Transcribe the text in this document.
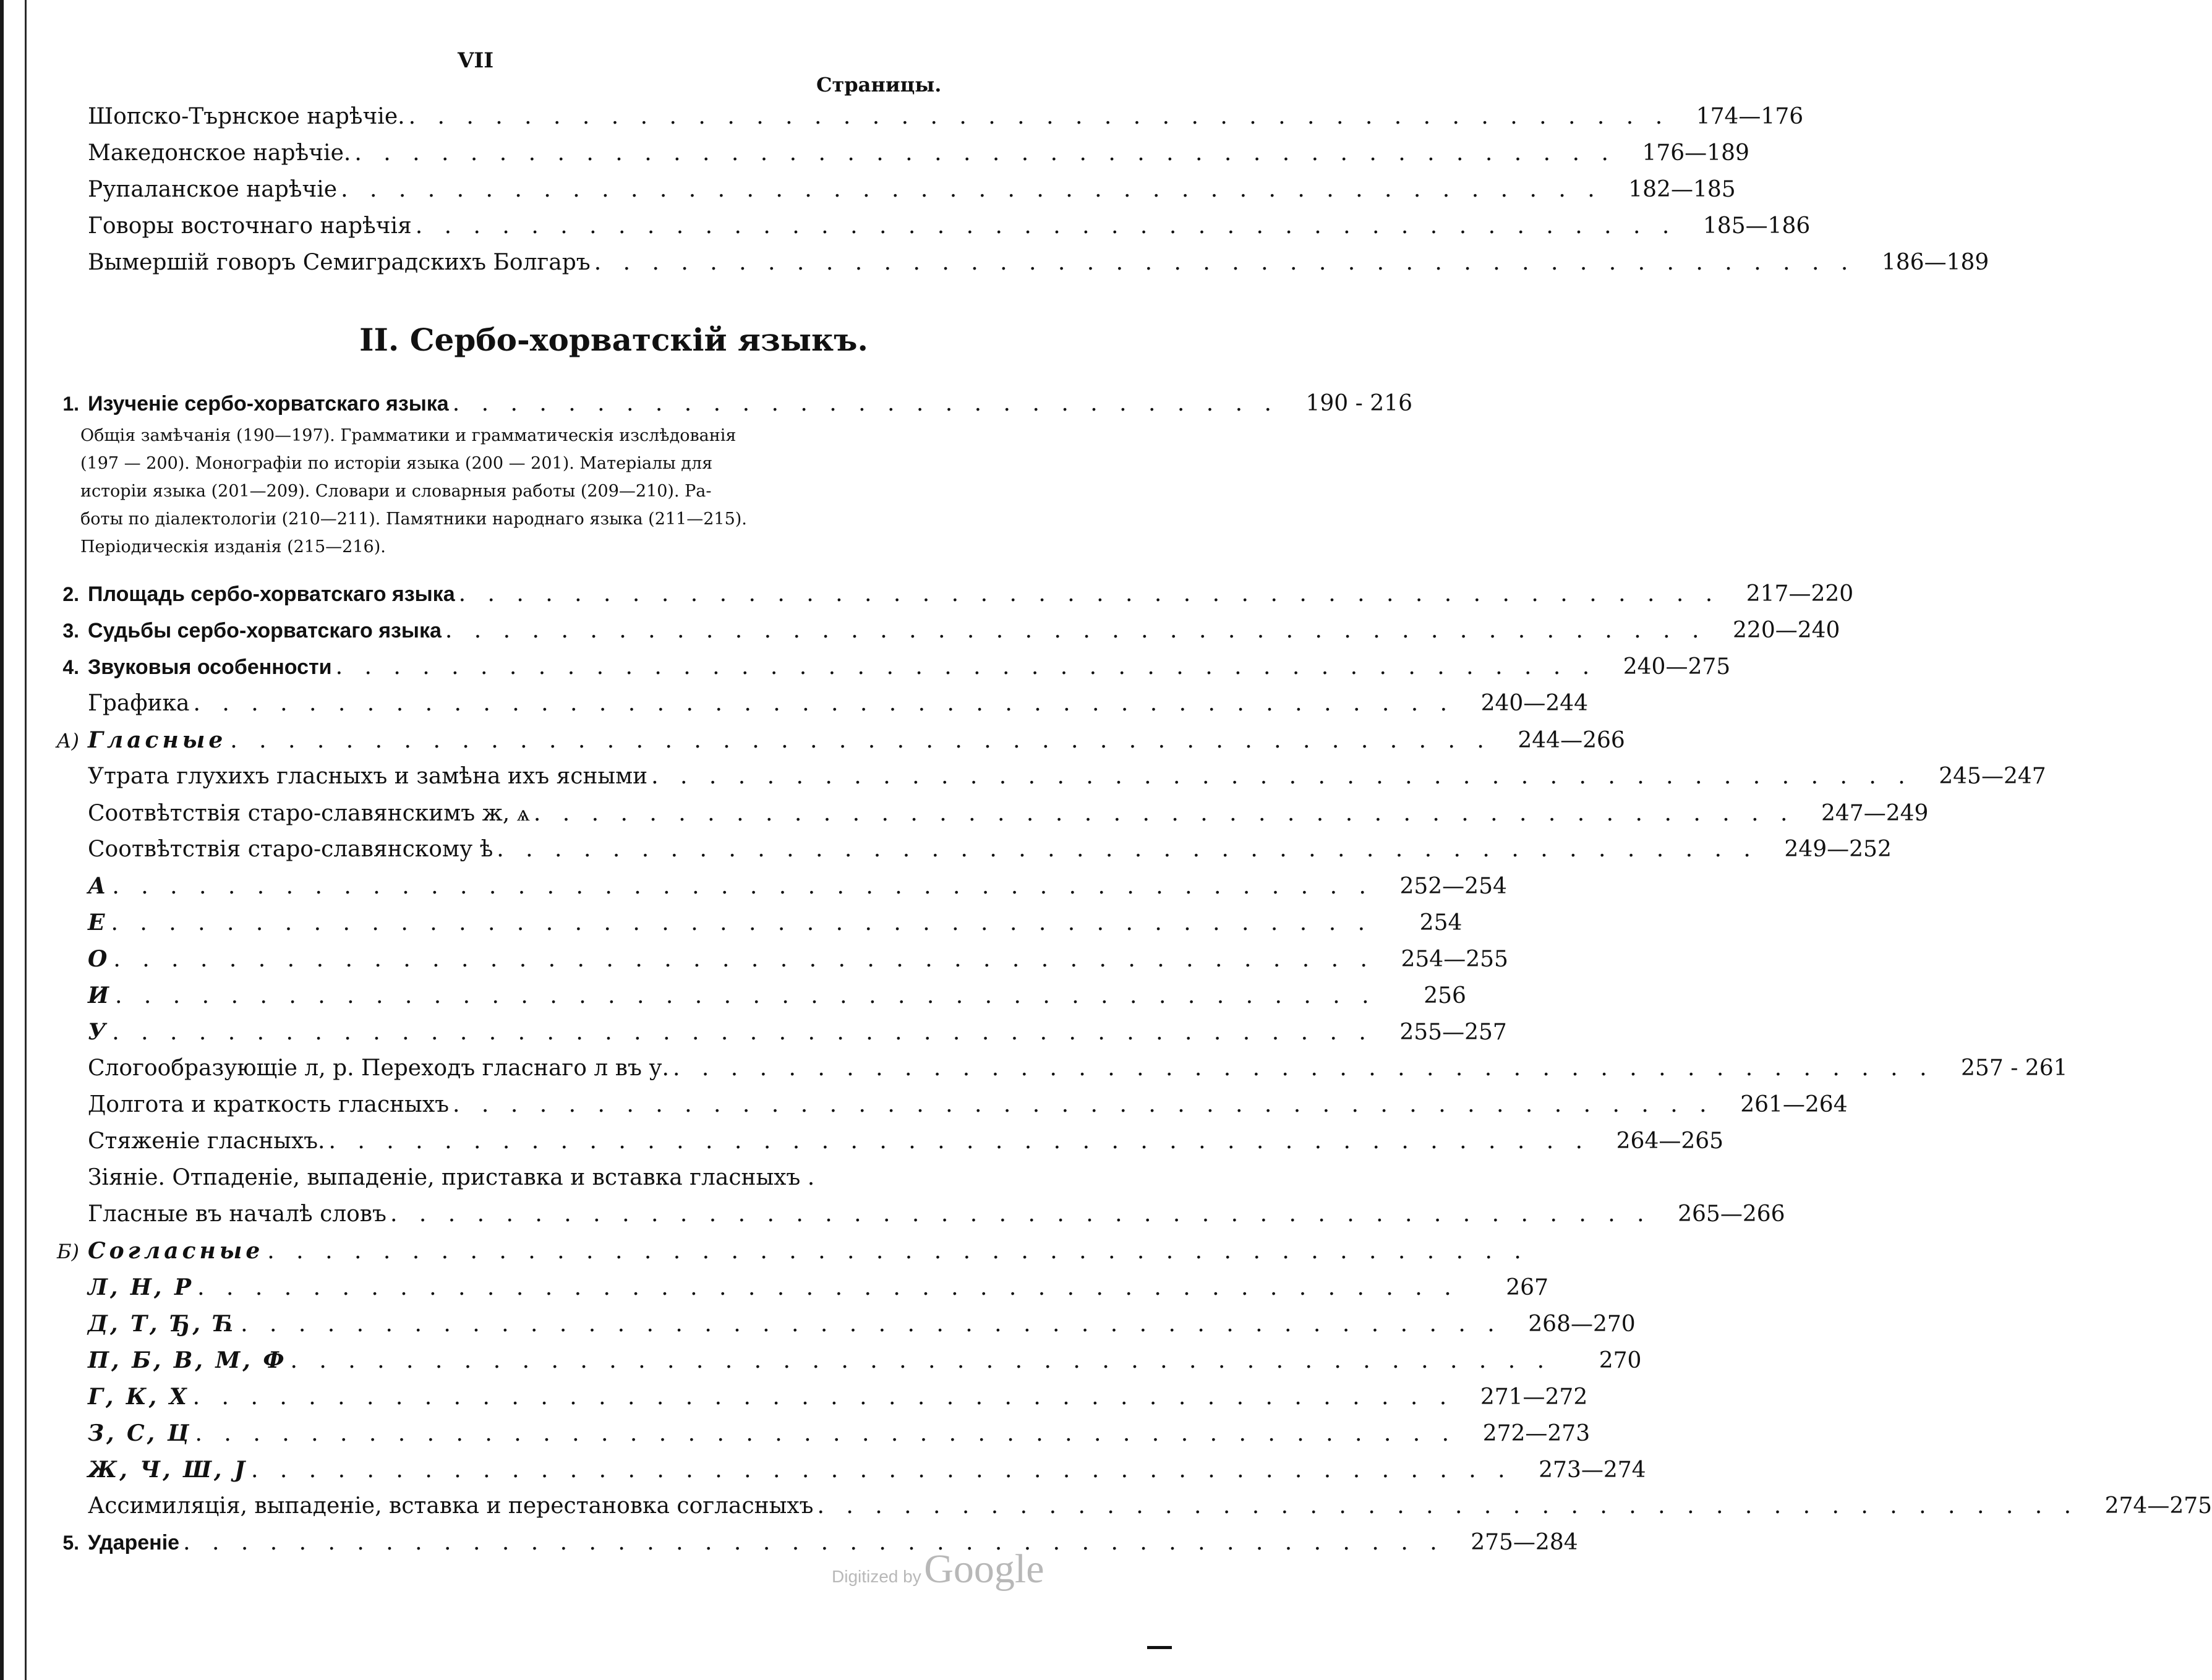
VII
Страницы.
Шопско-Търнское нарѣчіе. . . . . . . . . . . . . . . . . . . . . . . . . . . . . . . . . . . . . . . . . . . . .	174—176
Македонское нарѣчіе. . . . . . . . . . . . . . . . . . . . . . . . . . . . . . . . . . . . . . . . . . . . .	176—189
Рупаланское нарѣчіе . . . . . . . . . . . . . . . . . . . . . . . . . . . . . . . . . . . . . . . . . . . .	182—185
Говоры восточнаго нарѣчія . . . . . . . . . . . . . . . . . . . . . . . . . . . . . . . . . . . . . . . . . . . .	185—186
Вымершій говоръ Семиградскихъ Болгаръ . . . . . . . . . . . . . . . . . . . . . . . . . . . . . . . . . . . . . . . . . . . .	186—189
II. Сербо-хорватскій языкъ.
1. Изученіе сербо-хорватскаго языка . . . . . . . . . . . . . . . . . . . . . . . . . . . . .	190 - 216
Общія замѣчанія (190—197). Грамматики и грамматическія изслѣдованія
(197 — 200). Монографіи по исторіи языка (200 — 201). Матеріалы для
исторіи языка (201—209). Словари и словарныя работы (209—210). Ра-
боты по діалектологіи (210—211). Памятники народнаго языка (211—215).
Періодическія изданія (215—216).
2. Площадь сербо-хорватскаго языка . . . . . . . . . . . . . . . . . . . . . . . . . . . . . . . . . . . . . . . . . . . .	217—220
3. Судьбы сербо-хорватскаго языка . . . . . . . . . . . . . . . . . . . . . . . . . . . . . . . . . . . . . . . . . . . .	220—240
4. Звуковыя особенности . . . . . . . . . . . . . . . . . . . . . . . . . . . . . . . . . . . . . . . . . . . .	240—275
Графика . . . . . . . . . . . . . . . . . . . . . . . . . . . . . . . . . . . . . . . . . . . .	240—244
А) Гласные . . . . . . . . . . . . . . . . . . . . . . . . . . . . . . . . . . . . . . . . . . . .	244—266
Утрата глухихъ гласныхъ и замѣна ихъ ясными . . . . . . . . . . . . . . . . . . . . . . . . . . . . . . . . . . . . . . . . . . . .	245—247
Соотвѣтствія старо-славянскимъ ж, ѧ . . . . . . . . . . . . . . . . . . . . . . . . . . . . . . . . . . . . . . . . . . . .	247—249
Соотвѣтствія старо-славянскому ѣ . . . . . . . . . . . . . . . . . . . . . . . . . . . . . . . . . . . . . . . . . . . .	249—252
А . . . . . . . . . . . . . . . . . . . . . . . . . . . . . . . . . . . . . . . . . . . .	252—254
Е . . . . . . . . . . . . . . . . . . . . . . . . . . . . . . . . . . . . . . . . . . . .	254
О . . . . . . . . . . . . . . . . . . . . . . . . . . . . . . . . . . . . . . . . . . . .	254—255
И . . . . . . . . . . . . . . . . . . . . . . . . . . . . . . . . . . . . . . . . . . . .	256
У . . . . . . . . . . . . . . . . . . . . . . . . . . . . . . . . . . . . . . . . . . . .	255—257
Слогообразующіе л, р. Переходъ гласнаго л въ у. . . . . . . . . . . . . . . . . . . . . . . . . . . . . . . . . . . . . . . . . . . . .	257 - 261
Долгота и краткость гласныхъ . . . . . . . . . . . . . . . . . . . . . . . . . . . . . . . . . . . . . . . . . . . .	261—264
Стяженіе гласныхъ. . . . . . . . . . . . . . . . . . . . . . . . . . . . . . . . . . . . . . . . . . . . .	264—265
Зіяніе. Отпаденіе, выпаденіе, приставка и вставка гласныхъ .
Гласные въ началѣ словъ . . . . . . . . . . . . . . . . . . . . . . . . . . . . . . . . . . . . . . . . . . . .	265—266
Б) Согласные . . . . . . . . . . . . . . . . . . . . . . . . . . . . . . . . . . . . . . . . . . . .
Л, Н, Р . . . . . . . . . . . . . . . . . . . . . . . . . . . . . . . . . . . . . . . . . . . .	267
Д, Т, Ђ, Ћ . . . . . . . . . . . . . . . . . . . . . . . . . . . . . . . . . . . . . . . . . . . .	268—270
П, Б, В, М, Ф . . . . . . . . . . . . . . . . . . . . . . . . . . . . . . . . . . . . . . . . . . . .	270
Г, К, Х . . . . . . . . . . . . . . . . . . . . . . . . . . . . . . . . . . . . . . . . . . . .	271—272
З, С, Ц . . . . . . . . . . . . . . . . . . . . . . . . . . . . . . . . . . . . . . . . . . . .	272—273
Ж, Ч, Ш, Ј . . . . . . . . . . . . . . . . . . . . . . . . . . . . . . . . . . . . . . . . . . . .	273—274
Ассимиляція, выпаденіе, вставка и перестановка согласныхъ . . . . . . . . . . . . . . . . . . . . . . . . . . . . . . . . . . . . . . . . . . . .	274—275
5. Удареніе . . . . . . . . . . . . . . . . . . . . . . . . . . . . . . . . . . . . . . . . . . . .	275—284
Digitized by Google
